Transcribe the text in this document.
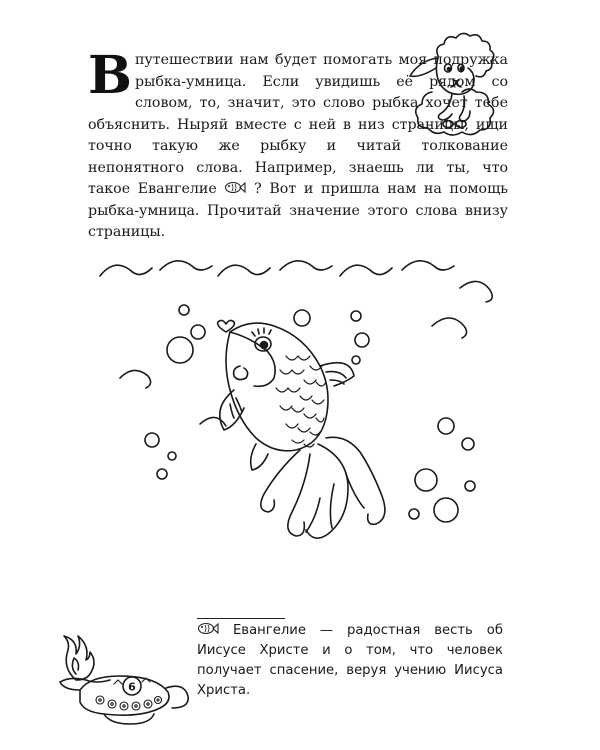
В путешествии нам будет помогать моя подружка рыбка-умница. Если увидишь её рядом со словом, то, значит, это слово рыбка хочет тебе объяснить. Ныряй вместе с ней в низ страницы, ищи точно такую же рыбку и читай толкование непонятного слова. Например, знаешь ли ты, что такое Евангелие  ? Вот и пришла нам на помощь рыбка-умница. Прочитай значение этого слова внизу страницы.

Евангелие — радостная весть об Иисусе Христе и о том, что человек получает спасение, веруя учению Иисуса Христа.

6
